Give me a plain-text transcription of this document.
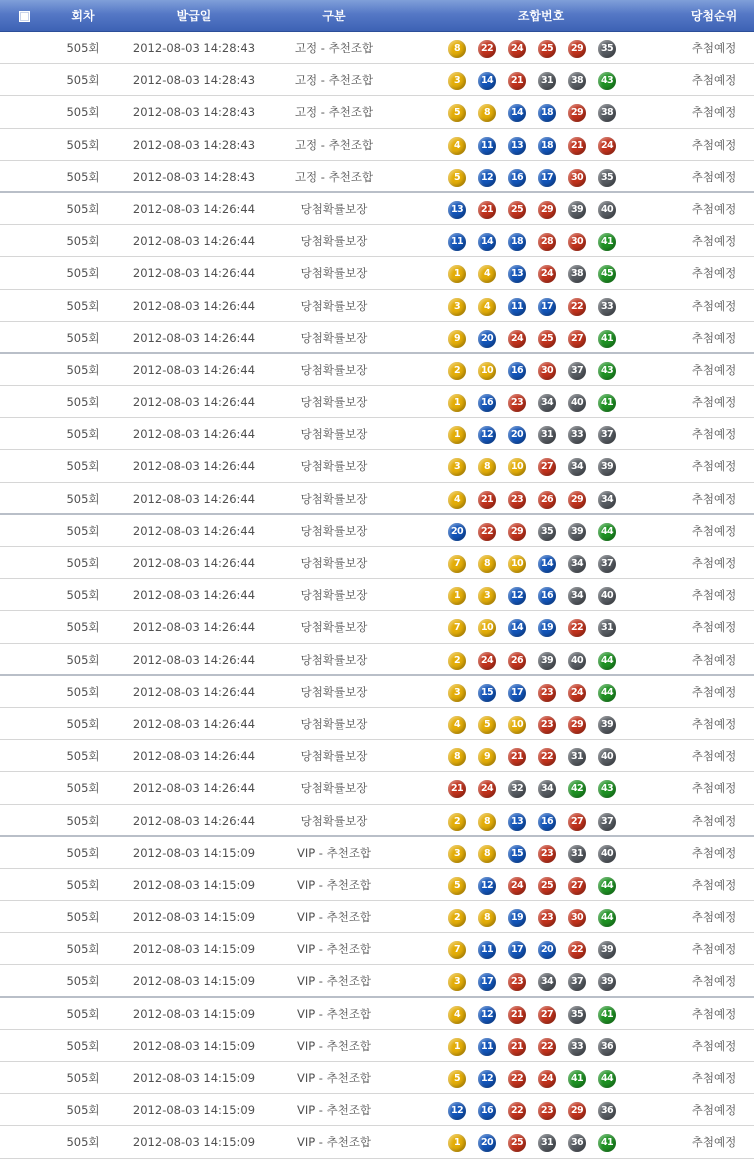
회차	발급일	구분	조합번호	당첨순위
505회	2012-08-03 14:28:43	고정 - 추천조합	8	22	24	25	29	35	추첨예정
505회	2012-08-03 14:28:43	고정 - 추천조합	3	14	21	31	38	43	추첨예정
505회	2012-08-03 14:28:43	고정 - 추천조합	5	8	14	18	29	38	추첨예정
505회	2012-08-03 14:28:43	고정 - 추천조합	4	11	13	18	21	24	추첨예정
505회	2012-08-03 14:28:43	고정 - 추천조합	5	12	16	17	30	35	추첨예정
505회	2012-08-03 14:26:44	당첨확률보장	13	21	25	29	39	40	추첨예정
505회	2012-08-03 14:26:44	당첨확률보장	11	14	18	28	30	41	추첨예정
505회	2012-08-03 14:26:44	당첨확률보장	1	4	13	24	38	45	추첨예정
505회	2012-08-03 14:26:44	당첨확률보장	3	4	11	17	22	33	추첨예정
505회	2012-08-03 14:26:44	당첨확률보장	9	20	24	25	27	41	추첨예정
505회	2012-08-03 14:26:44	당첨확률보장	2	10	16	30	37	43	추첨예정
505회	2012-08-03 14:26:44	당첨확률보장	1	16	23	34	40	41	추첨예정
505회	2012-08-03 14:26:44	당첨확률보장	1	12	20	31	33	37	추첨예정
505회	2012-08-03 14:26:44	당첨확률보장	3	8	10	27	34	39	추첨예정
505회	2012-08-03 14:26:44	당첨확률보장	4	21	23	26	29	34	추첨예정
505회	2012-08-03 14:26:44	당첨확률보장	20	22	29	35	39	44	추첨예정
505회	2012-08-03 14:26:44	당첨확률보장	7	8	10	14	34	37	추첨예정
505회	2012-08-03 14:26:44	당첨확률보장	1	3	12	16	34	40	추첨예정
505회	2012-08-03 14:26:44	당첨확률보장	7	10	14	19	22	31	추첨예정
505회	2012-08-03 14:26:44	당첨확률보장	2	24	26	39	40	44	추첨예정
505회	2012-08-03 14:26:44	당첨확률보장	3	15	17	23	24	44	추첨예정
505회	2012-08-03 14:26:44	당첨확률보장	4	5	10	23	29	39	추첨예정
505회	2012-08-03 14:26:44	당첨확률보장	8	9	21	22	31	40	추첨예정
505회	2012-08-03 14:26:44	당첨확률보장	21	24	32	34	42	43	추첨예정
505회	2012-08-03 14:26:44	당첨확률보장	2	8	13	16	27	37	추첨예정
505회	2012-08-03 14:15:09	VIP - 추천조합	3	8	15	23	31	40	추첨예정
505회	2012-08-03 14:15:09	VIP - 추천조합	5	12	24	25	27	44	추첨예정
505회	2012-08-03 14:15:09	VIP - 추천조합	2	8	19	23	30	44	추첨예정
505회	2012-08-03 14:15:09	VIP - 추천조합	7	11	17	20	22	39	추첨예정
505회	2012-08-03 14:15:09	VIP - 추천조합	3	17	23	34	37	39	추첨예정
505회	2012-08-03 14:15:09	VIP - 추천조합	4	12	21	27	35	41	추첨예정
505회	2012-08-03 14:15:09	VIP - 추천조합	1	11	21	22	33	36	추첨예정
505회	2012-08-03 14:15:09	VIP - 추천조합	5	12	22	24	41	44	추첨예정
505회	2012-08-03 14:15:09	VIP - 추천조합	12	16	22	23	29	36	추첨예정
505회	2012-08-03 14:15:09	VIP - 추천조합	1	20	25	31	36	41	추첨예정
